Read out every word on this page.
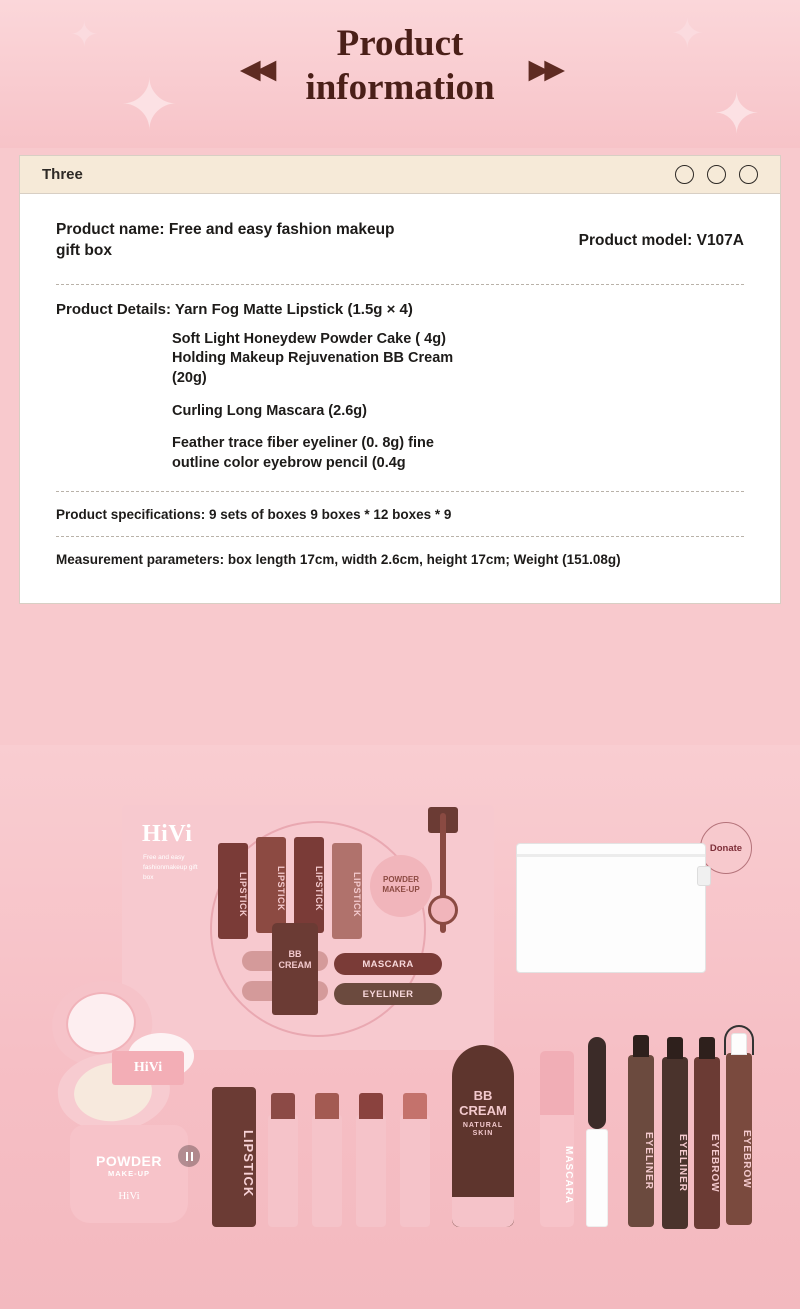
✦
✦	✦
✦
◀◀
Product
information ▶▶
Three
Product name: Free and easy fashion makeup gift box
Product model: V107A
Product Details: Yarn Fog Matte Lipstick (1.5g × 4)
Soft Light Honeydew Powder Cake ( 4g) Holding Makeup Rejuvenation BB Cream (20g)
Curling Long Mascara (2.6g)
Feather trace fiber eyeliner (0. 8g) fine outline color eyebrow pencil (0.4g
Product specifications: 9 sets of boxes 9 boxes * 12 boxes * 9
Measurement parameters: box length 17cm, width 2.6cm, height 17cm; Weight (151.08g)
Donate
HiVi
Free and easy fashionmakeup gift box	LIPSTICK	LIPSTICK	LIPSTICK	LIPSTICK	POWDER MAKE-UP
BB CREAM	MASCARA
EYELINER
HiVi
POWDER
MAKE-UP
HiVi	LIPSTICK
BB CREAM
NATURAL SKIN
MASCARA	EYELINER	EYELINER	EYEBROW	EYEBROW
